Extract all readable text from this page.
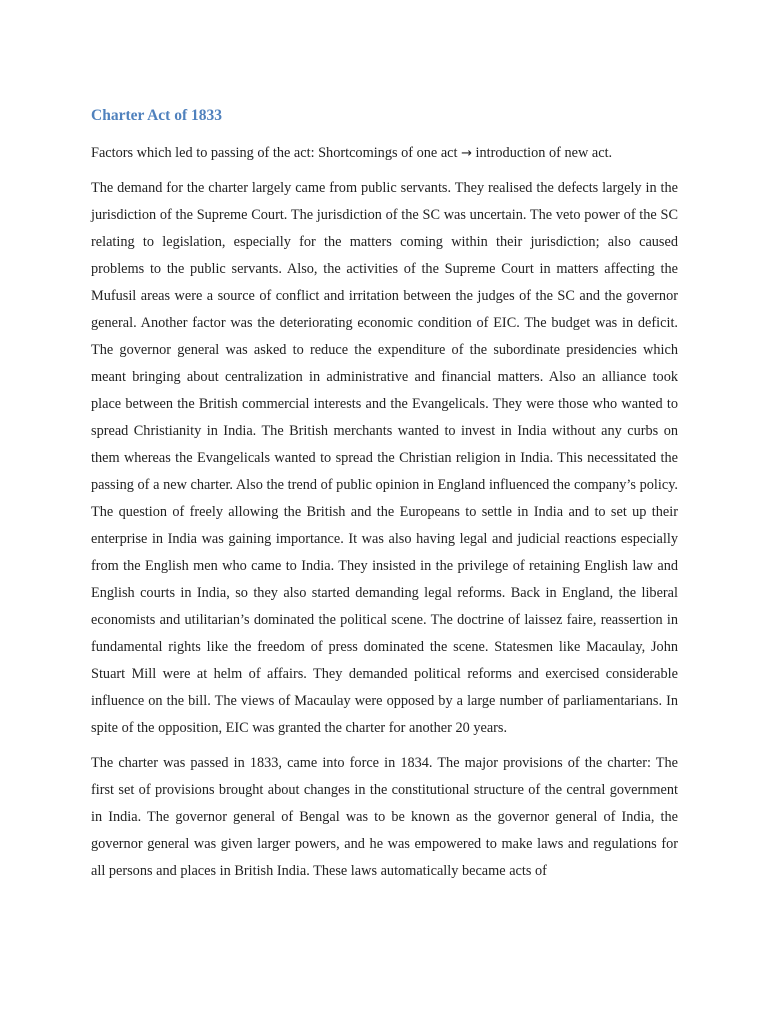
Charter Act of 1833

Factors which led to passing of the act: Shortcomings of one act → introduction of new act.

The demand for the charter largely came from public servants. They realised the defects largely in the jurisdiction of the Supreme Court. The jurisdiction of the SC was uncertain. The veto power of the SC relating to legislation, especially for the matters coming within their jurisdiction; also caused problems to the public servants. Also, the activities of the Supreme Court in matters affecting the Mufusil areas were a source of conflict and irritation between the judges of the SC and the governor general. Another factor was the deteriorating economic condition of EIC. The budget was in deficit. The governor general was asked to reduce the expenditure of the subordinate presidencies which meant bringing about centralization in administrative and financial matters. Also an alliance took place between the British commercial interests and the Evangelicals. They were those who wanted to spread Christianity in India. The British merchants wanted to invest in India without any curbs on them whereas the Evangelicals wanted to spread the Christian religion in India. This necessitated the passing of a new charter. Also the trend of public opinion in England influenced the company’s policy. The question of freely allowing the British and the Europeans to settle in India and to set up their enterprise in India was gaining importance. It was also having legal and judicial reactions especially from the English men who came to India. They insisted in the privilege of retaining English law and English courts in India, so they also started demanding legal reforms. Back in England, the liberal economists and utilitarian’s dominated the political scene. The doctrine of laissez faire, reassertion in fundamental rights like the freedom of press dominated the scene. Statesmen like Macaulay, John Stuart Mill were at helm of affairs. They demanded political reforms and exercised considerable influence on the bill. The views of Macaulay were opposed by a large number of parliamentarians. In spite of the opposition, EIC was granted the charter for another 20 years.

The charter was passed in 1833, came into force in 1834. The major provisions of the charter: The first set of provisions brought about changes in the constitutional structure of the central government in India. The governor general of Bengal was to be known as the governor general of India, the governor general was given larger powers, and he was empowered to make laws and regulations for all persons and places in British India. These laws automatically became acts of
